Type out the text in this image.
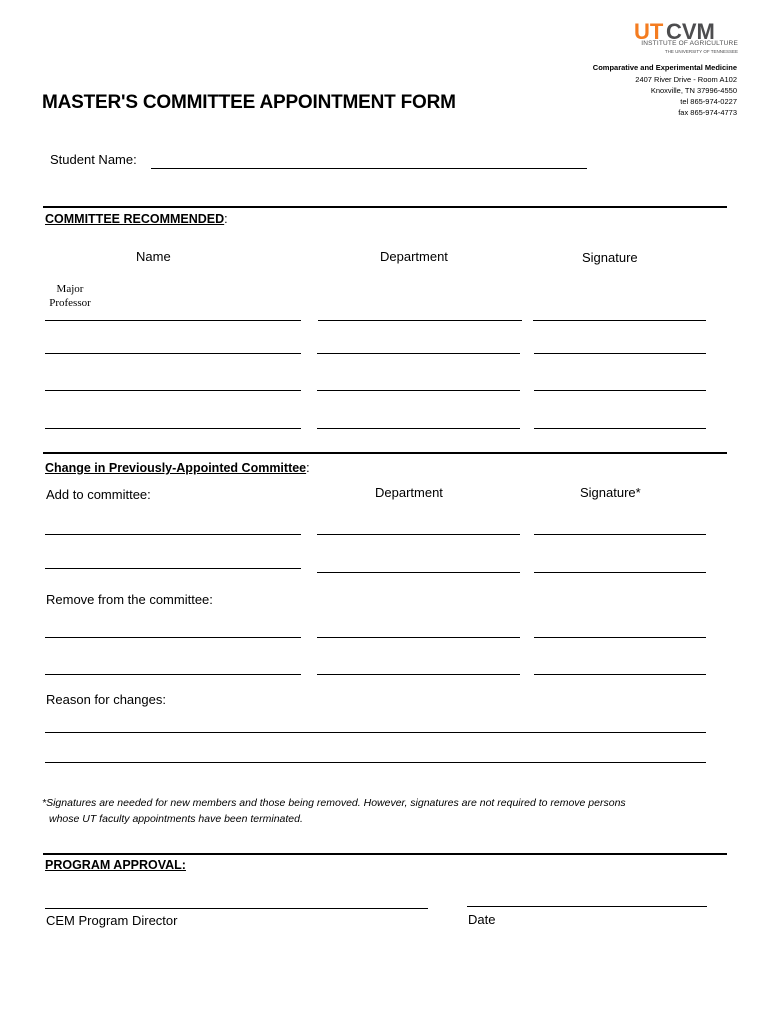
UT CVM
INSTITUTE OF AGRICULTURE
THE UNIVERSITY OF TENNESSEE
Comparative and Experimental Medicine
2407 River Drive - Room A102
Knoxville, TN 37996-4550
tel 865-974-0227
fax 865-974-4773
MASTER'S COMMITTEE APPOINTMENT FORM
Student Name:
COMMITTEE RECOMMENDED:
Name	Department	Signature
Major
Professor
Change in Previously-Appointed Committee:
Add to committee:	Department	Signature*
Remove from the committee:
Reason for changes:
*Signatures are needed for new members and those being removed. However, signatures are not required to remove persons
whose UT faculty appointments have been terminated.
PROGRAM APPROVAL:
CEM Program Director	Date
